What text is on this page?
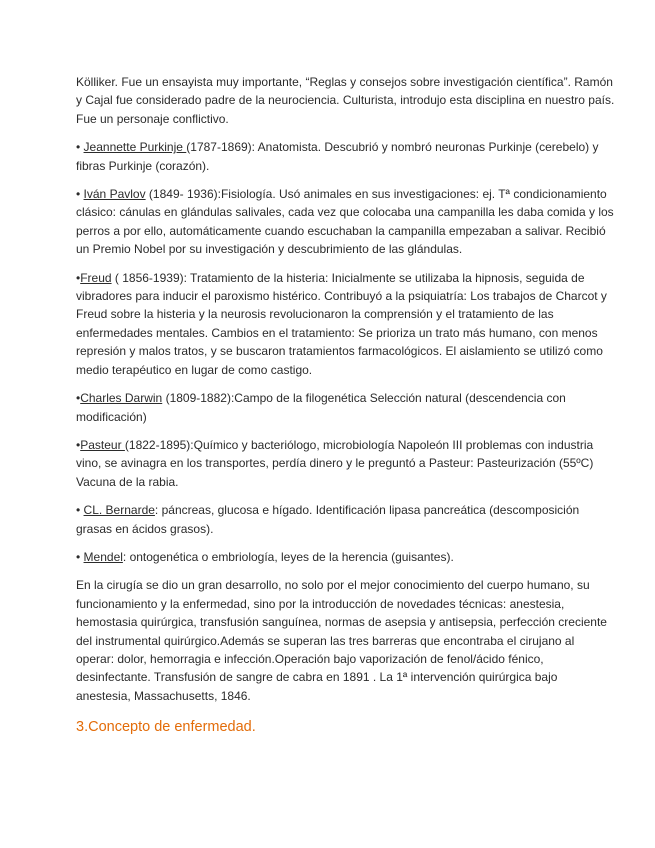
Kölliker. Fue un ensayista muy importante, “Reglas y consejos sobre investigación científica”. Ramón y Cajal fue considerado padre de la neurociencia. Culturista, introdujo esta disciplina en nuestro país. Fue un personaje conflictivo.

• Jeannette Purkinje (1787-1869): Anatomista. Descubrió y nombró neuronas Purkinje (cerebelo) y fibras Purkinje (corazón).

• Iván Pavlov (1849- 1936):Fisiología. Usó animales en sus investigaciones: ej. Tª condicionamiento clásico: cánulas en glándulas salivales, cada vez que colocaba una campanilla les daba comida y los perros a por ello, automáticamente cuando escuchaban la campanilla empezaban a salivar. Recibió un Premio Nobel por su investigación y descubrimiento de las glándulas.

•Freud ( 1856-1939): Tratamiento de la histeria: Inicialmente se utilizaba la hipnosis, seguida de vibradores para inducir el paroxismo histérico. Contribuyó a la psiquiatría: Los trabajos de Charcot y Freud sobre la histeria y la neurosis revolucionaron la comprensión y el tratamiento de las enfermedades mentales. Cambios en el tratamiento: Se prioriza un trato más humano, con menos represión y malos tratos, y se buscaron tratamientos farmacológicos. El aislamiento se utilizó como medio terapéutico en lugar de como castigo.

•Charles Darwin (1809-1882):Campo de la filogenética Selección natural (descendencia con modificación)

•Pasteur (1822-1895):Químico y bacteriólogo, microbiología Napoleón III problemas con industria vino, se avinagra en los transportes, perdía dinero y le preguntó a Pasteur: Pasteurización (55ºC) Vacuna de la rabia.

• CL. Bernarde: páncreas, glucosa e hígado. Identificación lipasa pancreática (descomposición grasas en ácidos grasos).

• Mendel: ontogenética o embriología, leyes de la herencia (guisantes).

En la cirugía se dio un gran desarrollo, no solo por el mejor conocimiento del cuerpo humano, su funcionamiento y la enfermedad, sino por la introducción de novedades técnicas: anestesia, hemostasia quirúrgica, transfusión sanguínea, normas de asepsia y antisepsia, perfección creciente del instrumental quirúrgico.Además se superan las tres barreras que encontraba el cirujano al operar: dolor, hemorragia e infección.Operación bajo vaporización de fenol/ácido fénico, desinfectante. Transfusión de sangre de cabra en 1891 . La 1ª intervención quirúrgica bajo anestesia, Massachusetts, 1846.

3.Concepto de enfermedad.
